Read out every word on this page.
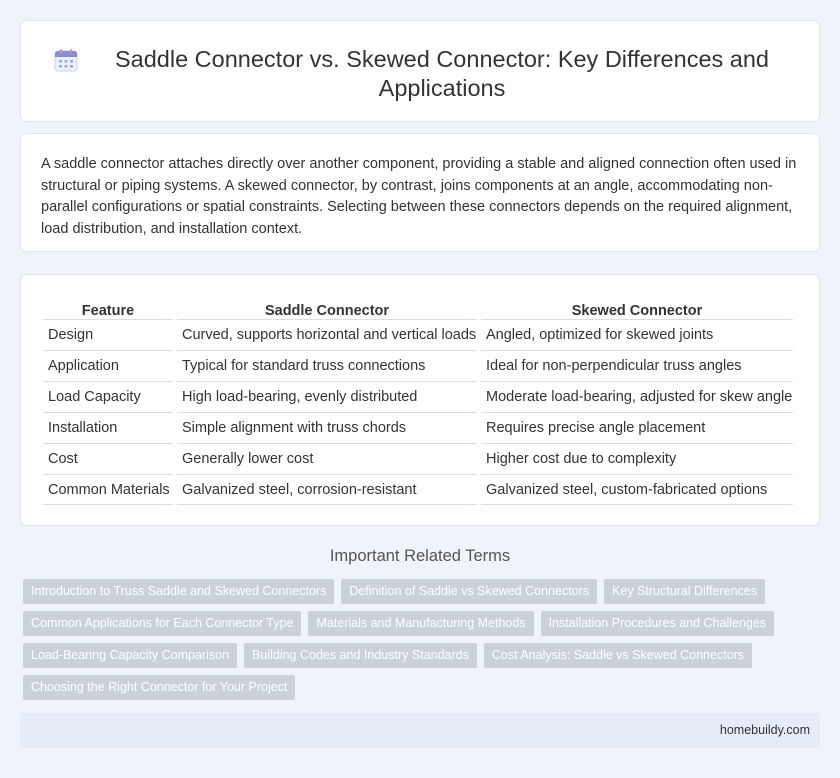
Saddle Connector vs. Skewed Connector: Key Differences and Applications

A saddle connector attaches directly over another component, providing a stable and aligned connection often used in structural or piping systems. A skewed connector, by contrast, joins components at an angle, accommodating non-parallel configurations or spatial constraints. Selecting between these connectors depends on the required alignment, load distribution, and installation context.

Feature	Saddle Connector	Skewed Connector
Design	Curved, supports horizontal and vertical loads	Angled, optimized for skewed joints
Application	Typical for standard truss connections	Ideal for non-perpendicular truss angles
Load Capacity	High load-bearing, evenly distributed	Moderate load-bearing, adjusted for skew angle
Installation	Simple alignment with truss chords	Requires precise angle placement
Cost	Generally lower cost	Higher cost due to complexity
Common Materials	Galvanized steel, corrosion-resistant	Galvanized steel, custom-fabricated options
Important Related Terms
Introduction to Truss Saddle and Skewed Connectors	Definition of Saddle vs Skewed Connectors	Key Structural Differences
Common Applications for Each Connector Type	Materials and Manufacturing Methods	Installation Procedures and Challenges
Load-Bearing Capacity Comparison	Building Codes and Industry Standards	Cost Analysis: Saddle vs Skewed Connectors
Choosing the Right Connector for Your Project
homebuildy.com
